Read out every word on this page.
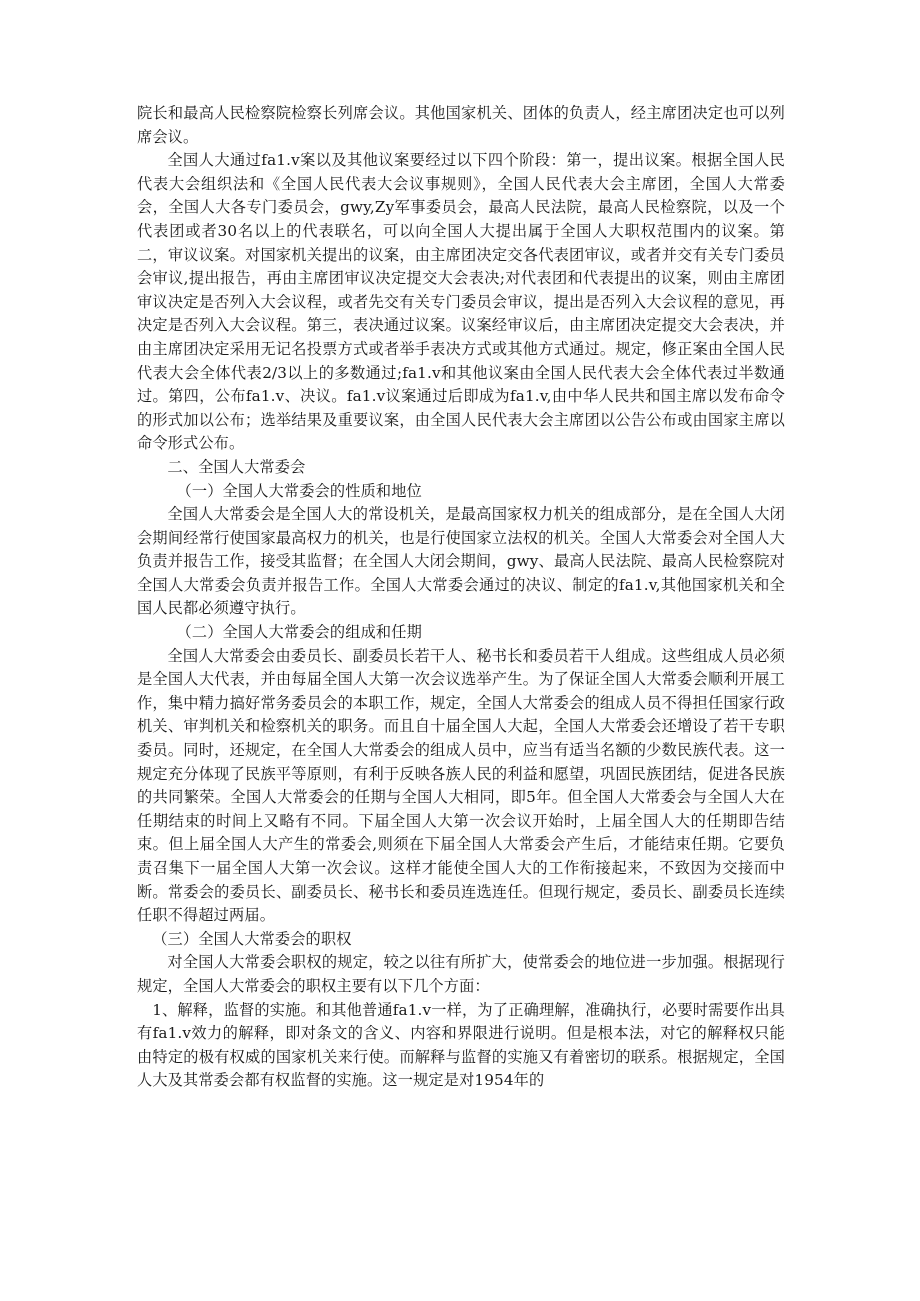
院长和最高人民检察院检察长列席会议。其他国家机关、团体的负责人，经主席团决定也可以列席会议。

全国人大通过fa1.v案以及其他议案要经过以下四个阶段：第一，提出议案。根据全国人民代表大会组织法和《全国人民代表大会议事规则》，全国人民代表大会主席团，全国人大常委会，全国人大各专门委员会，gwy,Zy军事委员会，最高人民法院，最高人民检察院，以及一个代表团或者30名以上的代表联名，可以向全国人大提出属于全国人大职权范围内的议案。第二，审议议案。对国家机关提出的议案，由主席团决定交各代表团审议，或者并交有关专门委员会审议,提出报告，再由主席团审议决定提交大会表决;对代表团和代表提出的议案，则由主席团审议决定是否列入大会议程，或者先交有关专门委员会审议，提出是否列入大会议程的意见，再决定是否列入大会议程。第三，表决通过议案。议案经审议后，由主席团决定提交大会表决，并由主席团决定采用无记名投票方式或者举手表决方式或其他方式通过。规定，修正案由全国人民代表大会全体代表2/3以上的多数通过;fa1.v和其他议案由全国人民代表大会全体代表过半数通过。第四，公布fa1.v、决议。fa1.v议案通过后即成为fa1.v,由中华人民共和国主席以发布命令的形式加以公布；选举结果及重要议案，由全国人民代表大会主席团以公告公布或由国家主席以命令形式公布。

二、全国人大常委会

（一）全国人大常委会的性质和地位

全国人大常委会是全国人大的常设机关，是最高国家权力机关的组成部分，是在全国人大闭会期间经常行使国家最高权力的机关，也是行使国家立法权的机关。全国人大常委会对全国人大负责并报告工作，接受其监督；在全国人大闭会期间，gwy、最高人民法院、最高人民检察院对全国人大常委会负责并报告工作。全国人大常委会通过的决议、制定的fa1.v,其他国家机关和全国人民都必须遵守执行。

（二）全国人大常委会的组成和任期

全国人大常委会由委员长、副委员长若干人、秘书长和委员若干人组成。这些组成人员必须是全国人大代表，并由每届全国人大第一次会议选举产生。为了保证全国人大常委会顺利开展工作，集中精力搞好常务委员会的本职工作，规定，全国人大常委会的组成人员不得担任国家行政机关、审判机关和检察机关的职务。而且自十届全国人大起，全国人大常委会还增设了若干专职委员。同时，还规定，在全国人大常委会的组成人员中，应当有适当名额的少数民族代表。这一规定充分体现了民族平等原则，有利于反映各族人民的利益和愿望，巩固民族团结，促进各民族的共同繁荣。全国人大常委会的任期与全国人大相同，即5年。但全国人大常委会与全国人大在任期结束的时间上又略有不同。下届全国人大第一次会议开始时，上届全国人大的任期即告结束。但上届全国人大产生的常委会,则须在下届全国人大常委会产生后，才能结束任期。它要负责召集下一届全国人大第一次会议。这样才能使全国人大的工作衔接起来，不致因为交接而中断。常委会的委员长、副委员长、秘书长和委员连选连任。但现行规定，委员长、副委员长连续任职不得超过两届。

（三）全国人大常委会的职权

对全国人大常委会职权的规定，较之以往有所扩大，使常委会的地位进一步加强。根据现行规定，全国人大常委会的职权主要有以下几个方面：

1、解释，监督的实施。和其他普通fa1.v一样，为了正确理解，准确执行，必要时需要作出具有fa1.v效力的解释，即对条文的含义、内容和界限进行说明。但是根本法，对它的解释权只能由特定的极有权威的国家机关来行使。而解释与监督的实施又有着密切的联系。根据规定，全国人大及其常委会都有权监督的实施。这一规定是对1954年的
